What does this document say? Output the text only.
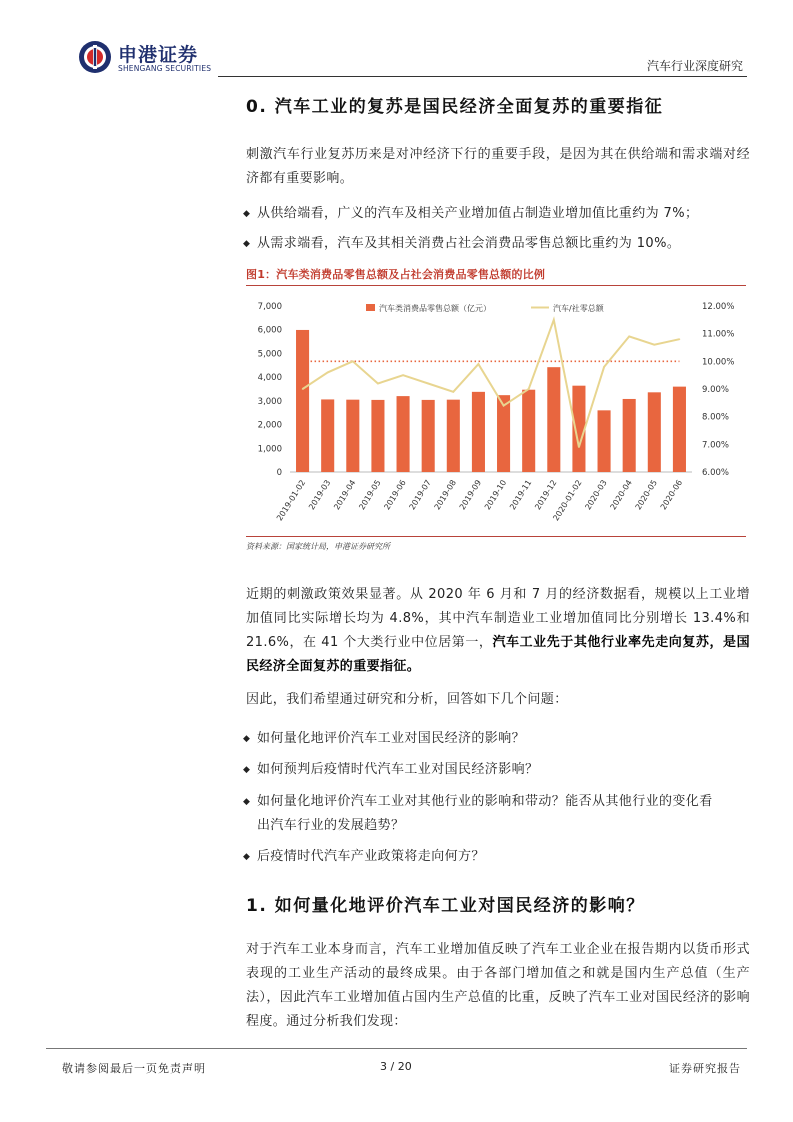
申港证券
SHENGANG SECURITIES	汽车行业深度研究
0. 汽车工业的复苏是国民经济全面复苏的重要指征
刺激汽车行业复苏历来是对冲经济下行的重要手段，是因为其在供给端和需求端对经济都有重要影响。
◆ 从供给端看，广义的汽车及相关产业增加值占制造业增加值比重约为 7%；
◆ 从需求端看，汽车及其相关消费占社会消费品零售总额比重约为 10%。
图1：汽车类消费品零售总额及占社会消费品零售总额的比例
0
1,000
2,000
3,000
4,000
5,000
6,000
7,000
6.00%
7.00%
8.00%
9.00%
10.00%
11.00%
12.00%
2019-01-02 2019-03 2019-04 2019-05 2019-06 2019-07 2019-08 2019-09 2019-10 2019-11 2019-12
2020-01-02 2020-03 2020-04 2020-05 2020-06
汽车类消费品零售总额（亿元）	汽车/社零总额
资料来源：国家统计局，申港证券研究所
近期的刺激政策效果显著。从 2020 年 6 月和 7 月的经济数据看，规模以上工业增加值同比实际增长均为 4.8%，其中汽车制造业工业增加值同比分别增长 13.4%和 21.6%，在 41 个大类行业中位居第一，汽车工业先于其他行业率先走向复苏，是国民经济全面复苏的重要指征。
因此，我们希望通过研究和分析，回答如下几个问题：
◆ 如何量化地评价汽车工业对国民经济的影响？
◆ 如何预判后疫情时代汽车工业对国民经济影响？
◆ 如何量化地评价汽车工业对其他行业的影响和带动？能否从其他行业的变化看
出汽车行业的发展趋势？
◆ 后疫情时代汽车产业政策将走向何方？
1. 如何量化地评价汽车工业对国民经济的影响？
对于汽车工业本身而言，汽车工业增加值反映了汽车工业企业在报告期内以货币形式表现的工业生产活动的最终成果。由于各部门增加值之和就是国内生产总值（生产法），因此汽车工业增加值占国内生产总值的比重，反映了汽车工业对国民经济的影响程度。通过分析我们发现：
敬请参阅最后一页免责声明	3 / 20	证券研究报告
